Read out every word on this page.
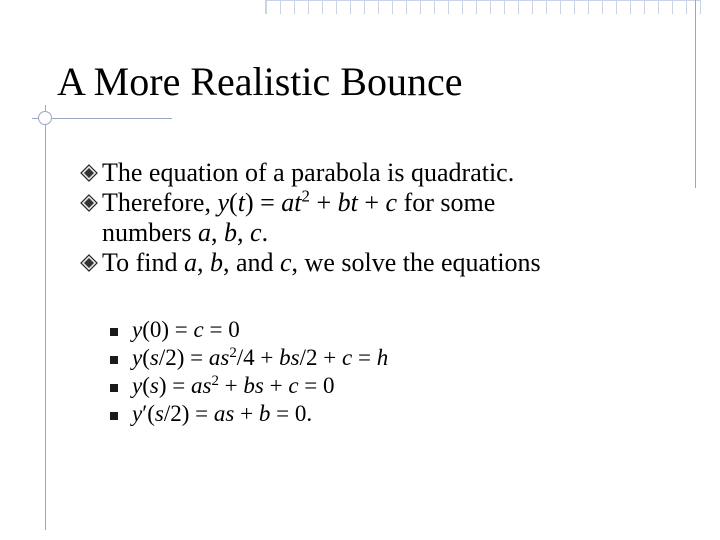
A More Realistic Bounce
The equation of a parabola is quadratic.
Therefore, $y(t) = at^2$ + bt + c for some
numbers a, b, c.
To find a, b, and c, we solve the equations
y(0) = c = 0
$y(s/2) = as^2/4 + bs/2 + c = h$
$y(s) = as^2$ + bs + c = 0
y′(s/2) = as + b = 0.
